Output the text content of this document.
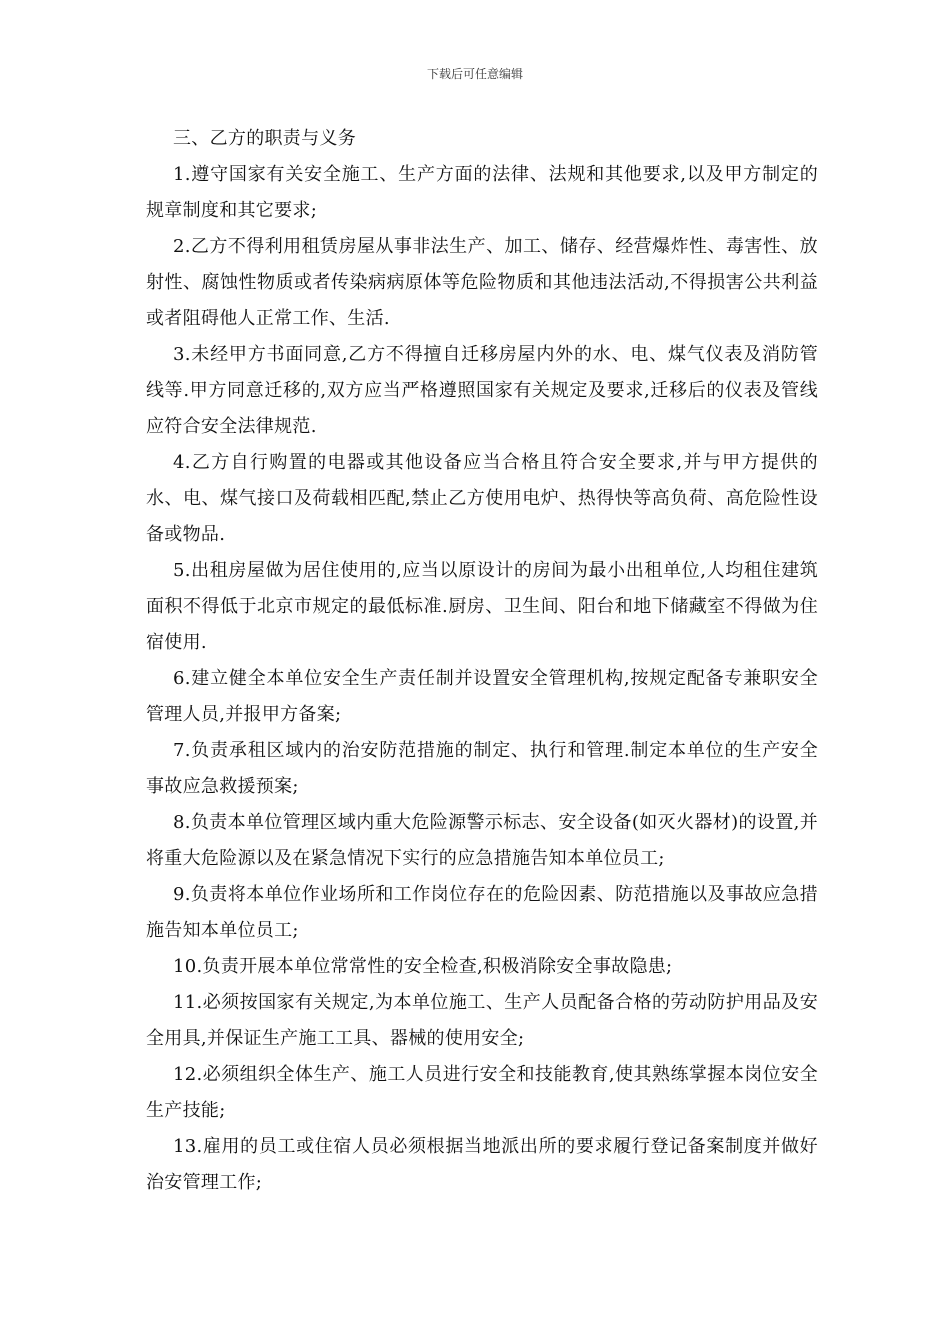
下载后可任意编辑

三、乙方的职责与义务

1.遵守国家有关安全施工、生产方面的法律、法规和其他要求,以及甲方制定的规章制度和其它要求;

2.乙方不得利用租赁房屋从事非法生产、加工、储存、经营爆炸性、毒害性、放射性、腐蚀性物质或者传染病病原体等危险物质和其他违法活动,不得损害公共利益或者阻碍他人正常工作、生活.

3.未经甲方书面同意,乙方不得擅自迁移房屋内外的水、电、煤气仪表及消防管线等.甲方同意迁移的,双方应当严格遵照国家有关规定及要求,迁移后的仪表及管线应符合安全法律规范.

4.乙方自行购置的电器或其他设备应当合格且符合安全要求,并与甲方提供的水、电、煤气接口及荷载相匹配,禁止乙方使用电炉、热得快等高负荷、高危险性设备或物品.

5.出租房屋做为居住使用的,应当以原设计的房间为最小出租单位,人均租住建筑面积不得低于北京市规定的最低标准.厨房、卫生间、阳台和地下储藏室不得做为住宿使用.

6.建立健全本单位安全生产责任制并设置安全管理机构,按规定配备专兼职安全管理人员,并报甲方备案;

7.负责承租区域内的治安防范措施的制定、执行和管理.制定本单位的生产安全事故应急救援预案;

8.负责本单位管理区域内重大危险源警示标志、安全设备(如灭火器材)的设置,并将重大危险源以及在紧急情况下实行的应急措施告知本单位员工;

9.负责将本单位作业场所和工作岗位存在的危险因素、防范措施以及事故应急措施告知本单位员工;

10.负责开展本单位常常性的安全检查,积极消除安全事故隐患;

11.必须按国家有关规定,为本单位施工、生产人员配备合格的劳动防护用品及安全用具,并保证生产施工工具、器械的使用安全;

12.必须组织全体生产、施工人员进行安全和技能教育,使其熟练掌握本岗位安全生产技能;

13.雇用的员工或住宿人员必须根据当地派出所的要求履行登记备案制度并做好治安管理工作;
